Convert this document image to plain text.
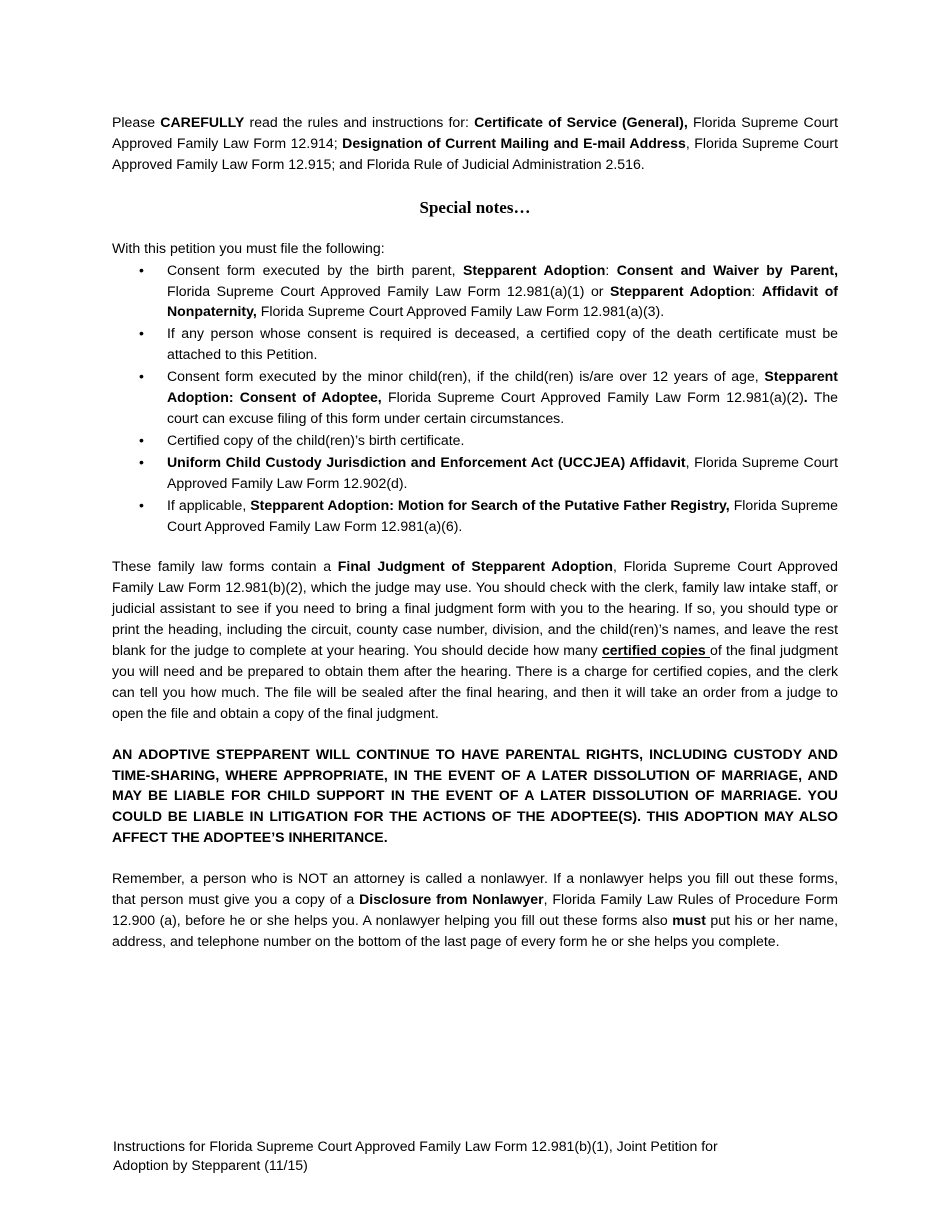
Please CAREFULLY read the rules and instructions for: Certificate of Service (General), Florida Supreme Court Approved Family Law Form 12.914; Designation of Current Mailing and E-mail Address, Florida Supreme Court Approved Family Law Form 12.915; and Florida Rule of Judicial Administration 2.516.

Special notes…

With this petition you must file the following:

• Consent form executed by the birth parent, Stepparent Adoption: Consent and Waiver by Parent, Florida Supreme Court Approved Family Law Form 12.981(a)(1) or Stepparent Adoption: Affidavit of Nonpaternity, Florida Supreme Court Approved Family Law Form 12.981(a)(3).
• If any person whose consent is required is deceased, a certified copy of the death certificate must be attached to this Petition.
• Consent form executed by the minor child(ren), if the child(ren) is/are over 12 years of age, Stepparent Adoption: Consent of Adoptee, Florida Supreme Court Approved Family Law Form 12.981(a)(2). The court can excuse filing of this form under certain circumstances.
• Certified copy of the child(ren)’s birth certificate.
• Uniform Child Custody Jurisdiction and Enforcement Act (UCCJEA) Affidavit, Florida Supreme Court Approved Family Law Form 12.902(d).
• If applicable, Stepparent Adoption: Motion for Search of the Putative Father Registry, Florida Supreme Court Approved Family Law Form 12.981(a)(6).

These family law forms contain a Final Judgment of Stepparent Adoption, Florida Supreme Court Approved Family Law Form 12.981(b)(2), which the judge may use. You should check with the clerk, family law intake staff, or judicial assistant to see if you need to bring a final judgment form with you to the hearing. If so, you should type or print the heading, including the circuit, county case number, division, and the child(ren)’s names, and leave the rest blank for the judge to complete at your hearing. You should decide how many certified copies of the final judgment you will need and be prepared to obtain them after the hearing. There is a charge for certified copies, and the clerk can tell you how much. The file will be sealed after the final hearing, and then it will take an order from a judge to open the file and obtain a copy of the final judgment.

AN ADOPTIVE STEPPARENT WILL CONTINUE TO HAVE PARENTAL RIGHTS, INCLUDING CUSTODY AND TIME-SHARING, WHERE APPROPRIATE, IN THE EVENT OF A LATER DISSOLUTION OF MARRIAGE, AND MAY BE LIABLE FOR CHILD SUPPORT IN THE EVENT OF A LATER DISSOLUTION OF MARRIAGE. YOU COULD BE LIABLE IN LITIGATION FOR THE ACTIONS OF THE ADOPTEE(S). THIS ADOPTION MAY ALSO AFFECT THE ADOPTEE’S INHERITANCE.

Remember, a person who is NOT an attorney is called a nonlawyer. If a nonlawyer helps you fill out these forms, that person must give you a copy of a Disclosure from Nonlawyer, Florida Family Law Rules of Procedure Form 12.900 (a), before he or she helps you. A nonlawyer helping you fill out these forms also must put his or her name, address, and telephone number on the bottom of the last page of every form he or she helps you complete.

Instructions for Florida Supreme Court Approved Family Law Form 12.981(b)(1), Joint Petition for
Adoption by Stepparent (11/15)
